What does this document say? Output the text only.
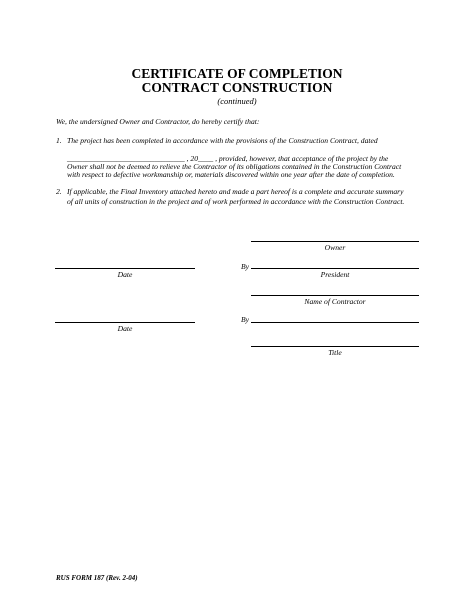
CERTIFICATE OF COMPLETION
CONTRACT CONSTRUCTION
(continued)
We, the undersigned Owner and Contractor, do hereby certify that:
1. The project has been completed in accordance with the provisions of the Construction Contract, dated
_______________________________ , 20____ , provided, however, that acceptance of the project by the
Owner shall not be deemed to relieve the Contractor of its obligations contained in the Construction Contract
with respect to defective workmanship or, materials discovered within one year after the date of completion.
2. If applicable, the Final Inventory attached hereto and made a part hereof is a complete and accurate summary
of all units of construction in the project and of work performed in accordance with the Construction Contract.
Owner
Date
By
President
Name of Contractor
Date
By
Title
RUS FORM 187 (Rev. 2-04)
